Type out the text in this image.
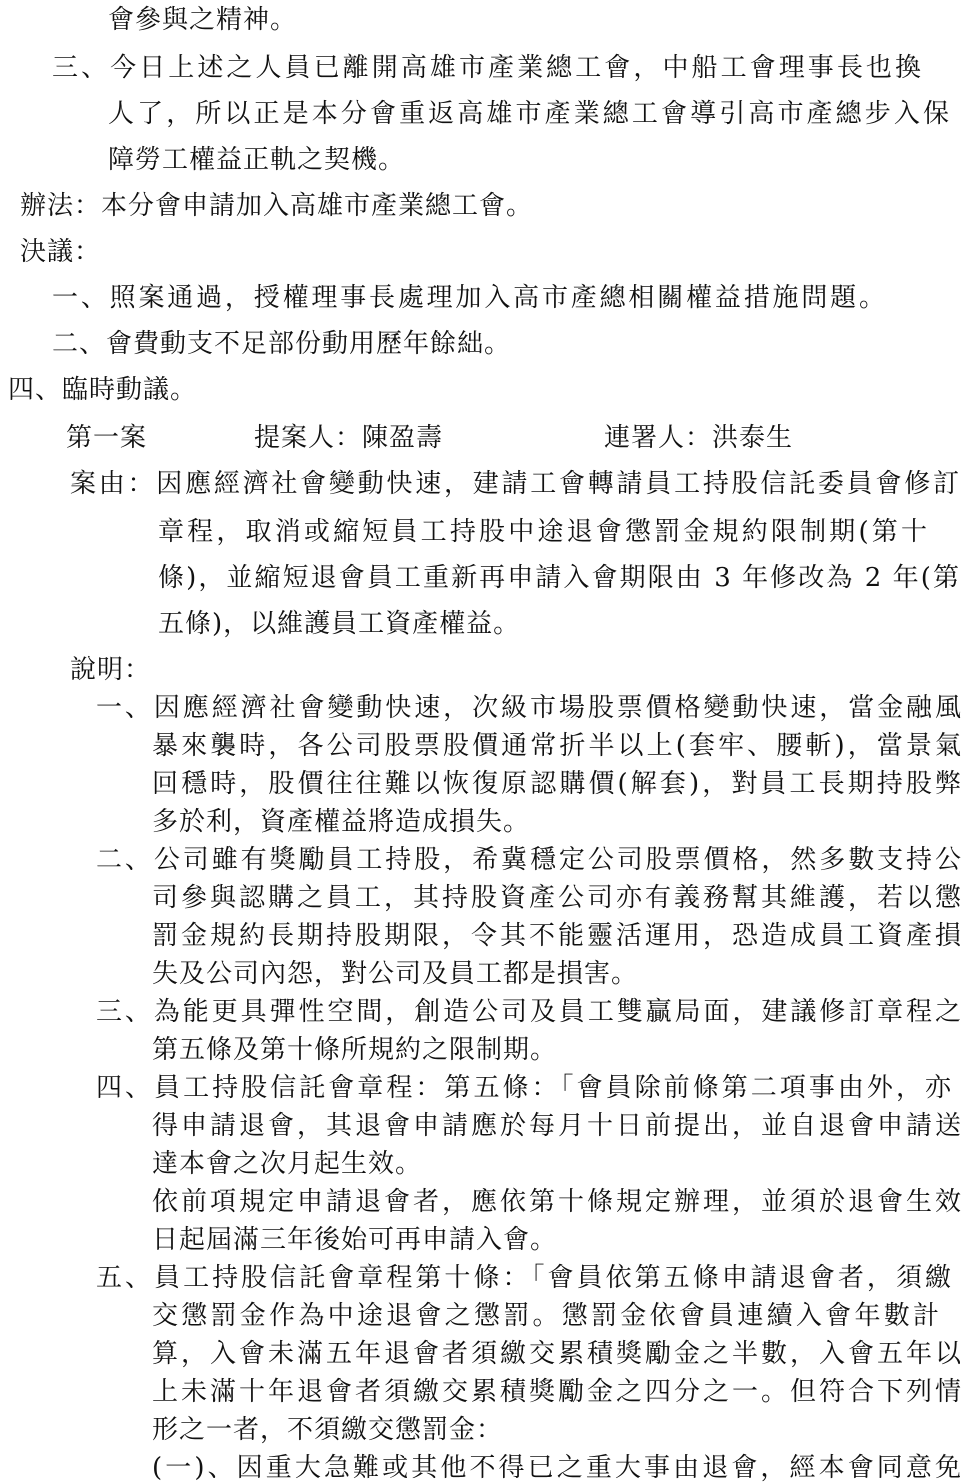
會參與之精神。
三、今日上述之人員已離開高雄市產業總工會，中船工會理事長也換
人了，所以正是本分會重返高雄市產業總工會導引高市產總步入保
障勞工權益正軌之契機。
辦法：本分會申請加入高雄市產業總工會。
決議：
一、照案通過，授權理事長處理加入高市產總相關權益措施問題。
二、會費動支不足部份動用歷年餘絀。
四、臨時動議。
第一案	提案人：陳盈壽	連署人：洪泰生
案由：因應經濟社會變動快速，建請工會轉請員工持股信託委員會修訂
章程，取消或縮短員工持股中途退會懲罰金規約限制期(第十
條)，並縮短退會員工重新再申請入會期限由 3 年修改為 2 年(第
五條)，以維護員工資產權益。
說明：
一、因應經濟社會變動快速，次級市場股票價格變動快速，當金融風
暴來襲時，各公司股票股價通常折半以上(套牢、腰斬)，當景氣
回穩時，股價往往難以恢復原認購價(解套)，對員工長期持股弊
多於利，資產權益將造成損失。
二、公司雖有獎勵員工持股，希冀穩定公司股票價格，然多數支持公
司參與認購之員工，其持股資產公司亦有義務幫其維護，若以懲
罰金規約長期持股期限，令其不能靈活運用，恐造成員工資產損
失及公司內怨，對公司及員工都是損害。
三、為能更具彈性空間，創造公司及員工雙贏局面，建議修訂章程之
第五條及第十條所規約之限制期。
四、員工持股信託會章程：第五條：「會員除前條第二項事由外，亦
得申請退會，其退會申請應於每月十日前提出，並自退會申請送
達本會之次月起生效。
依前項規定申請退會者，應依第十條規定辦理，並須於退會生效
日起屆滿三年後始可再申請入會。
五、員工持股信託會章程第十條：「會員依第五條申請退會者，須繳
交懲罰金作為中途退會之懲罰。懲罰金依會員連續入會年數計
算，入會未滿五年退會者須繳交累積獎勵金之半數，入會五年以
上未滿十年退會者須繳交累積獎勵金之四分之一。但符合下列情
形之一者，不須繳交懲罰金：
(一)、因重大急難或其他不得已之重大事由退會，經本會同意免
